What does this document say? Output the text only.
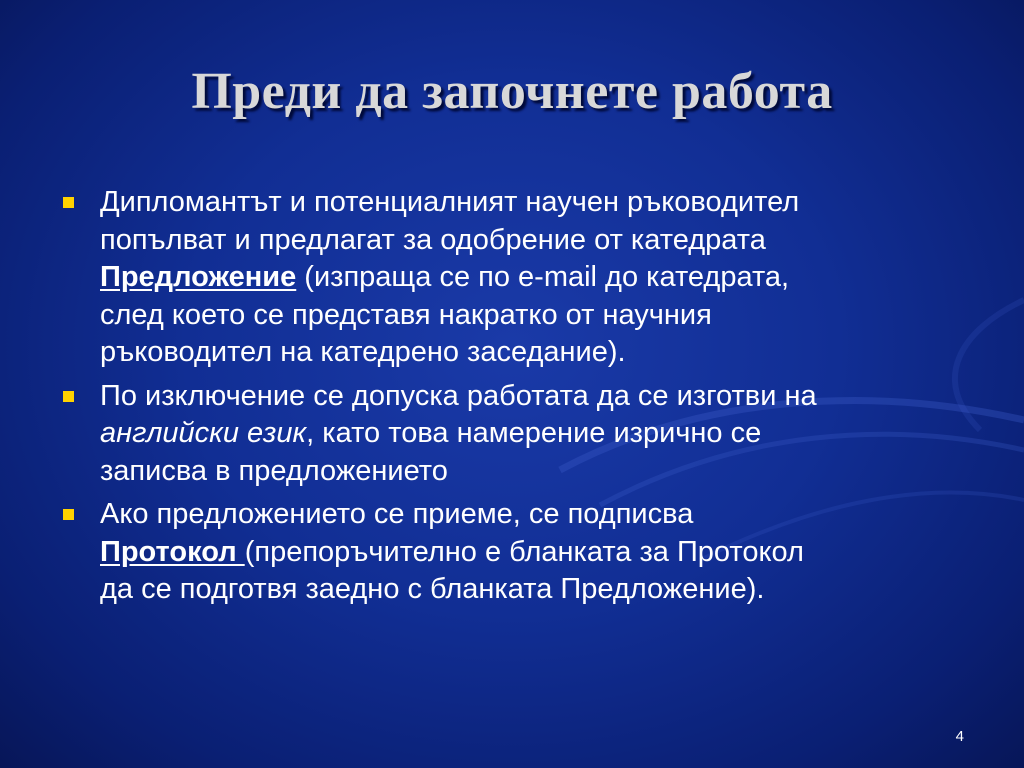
Преди да започнете работа
Дипломантът и потенциалният научен ръководител
попълват и предлагат за одобрение от катедрата
Предложение (изпраща се по e-mail до катедрата,
след което се представя накратко от научния
ръководител на катедрено заседание).
По изключение се допуска работата да се изготви на
английски език, като това намерение изрично се
записва в предложението
Ако предложението се приеме, се подписва
Протокол (препоръчително е бланката за Протокол
да се подготвя заедно с бланката Предложение).
4
